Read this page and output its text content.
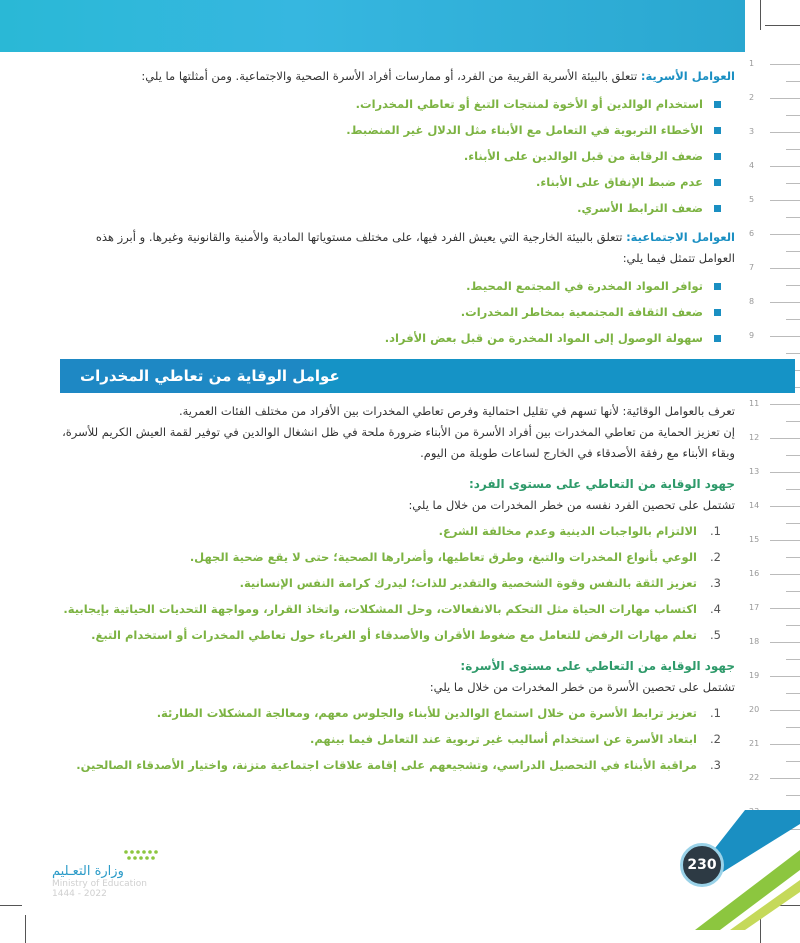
1
2
3
4
5
6
7
8
9
11
12
13
14
15
16
17
18
19
20
21
22

العوامل الأسرية: تتعلق بالبيئة الأسرية القريبة من الفرد، أو ممارسات أفراد الأسرة الصحية والاجتماعية. ومن أمثلتها ما يلي:

استخدام الوالدين أو الأخوة لمنتجات التبغ أو تعاطي المخدرات.
الأخطاء التربوية في التعامل مع الأبناء مثل الدلال غير المنضبط.
ضعف الرقابة من قبل الوالدين على الأبناء.
عدم ضبط الإنفاق على الأبناء.
ضعف الترابط الأسري.

العوامل الاجتماعية: تتعلق بالبيئة الخارجية التي يعيش الفرد فيها، على مختلف مستوياتها المادية والأمنية والقانونية وغيرها. و أبرز هذه العوامل تتمثل فيما يلي:

توافر المواد المخدرة في المجتمع المحيط.
ضعف الثقافة المجتمعية بمخاطر المخدرات.
سهولة الوصول إلى المواد المخدرة من قبل بعض الأفراد.
عوامل الوقاية من تعاطي المخدرات

تعرف بالعوامل الوقائية: لأنها تسهم في تقليل احتمالية وفرص تعاطي المخدرات بين الأفراد من مختلف الفئات العمرية.

إن تعزيز الحماية من تعاطي المخدرات بين أفراد الأسرة من الأبناء ضرورة ملحة في ظل انشغال الوالدين في توفير لقمة العيش الكريم للأسرة، وبقاء الأبناء مع رفقة الأصدقاء في الخارج لساعات طويلة من اليوم.

جهود الوقاية من التعاطي على مستوى الفرد:

تشتمل على تحصين الفرد نفسه من خطر المخدرات من خلال ما يلي:

1.
الالتزام بالواجبات الدينية وعدم مخالفة الشرع.
2.
الوعي بأنواع المخدرات والتبغ، وطرق تعاطيها، وأضرارها الصحية؛ حتى لا يقع ضحية الجهل.
3.
تعزيز الثقة بالنفس وقوة الشخصية والتقدير للذات؛ ليدرك كرامة النفس الإنسانية.
4.
اكتساب مهارات الحياة مثل التحكم بالانفعالات، وحل المشكلات، واتخاذ القرار، ومواجهة التحديات الحياتية بإيجابية.
5.
تعلم مهارات الرفض للتعامل مع ضغوط الأقران والأصدقاء أو الغرباء حول تعاطي المخدرات أو استخدام التبغ.

جهود الوقاية من التعاطي على مستوى الأسرة:

تشتمل على تحصين الأسرة من خطر المخدرات من خلال ما يلي:

1.
تعزيز ترابط الأسرة من خلال استماع الوالدين للأبناء والجلوس معهم، ومعالجة المشكلات الطارئة.
2.
ابتعاد الأسرة عن استخدام أساليب غير تربوية عند التعامل فيما بينهم.
3.
مراقبة الأبناء في التحصيل الدراسي، وتشجيعهم على إقامة علاقات اجتماعية متزنة، واختيار الأصدقاء الصالحين.
230
وزارة التعـليم
Ministry of Education
2022 - 1444
